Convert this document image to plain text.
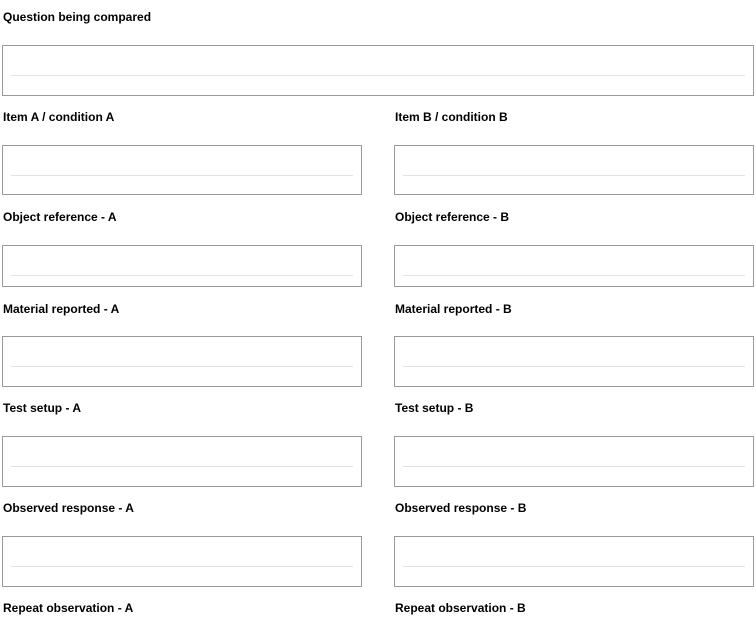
Question being compared
Item A / condition A	Item B / condition B
Object reference - A	Object reference - B
Material reported - A	Material reported - B
Test setup - A	Test setup - B
Observed response - A	Observed response - B
Repeat observation - A	Repeat observation - B
